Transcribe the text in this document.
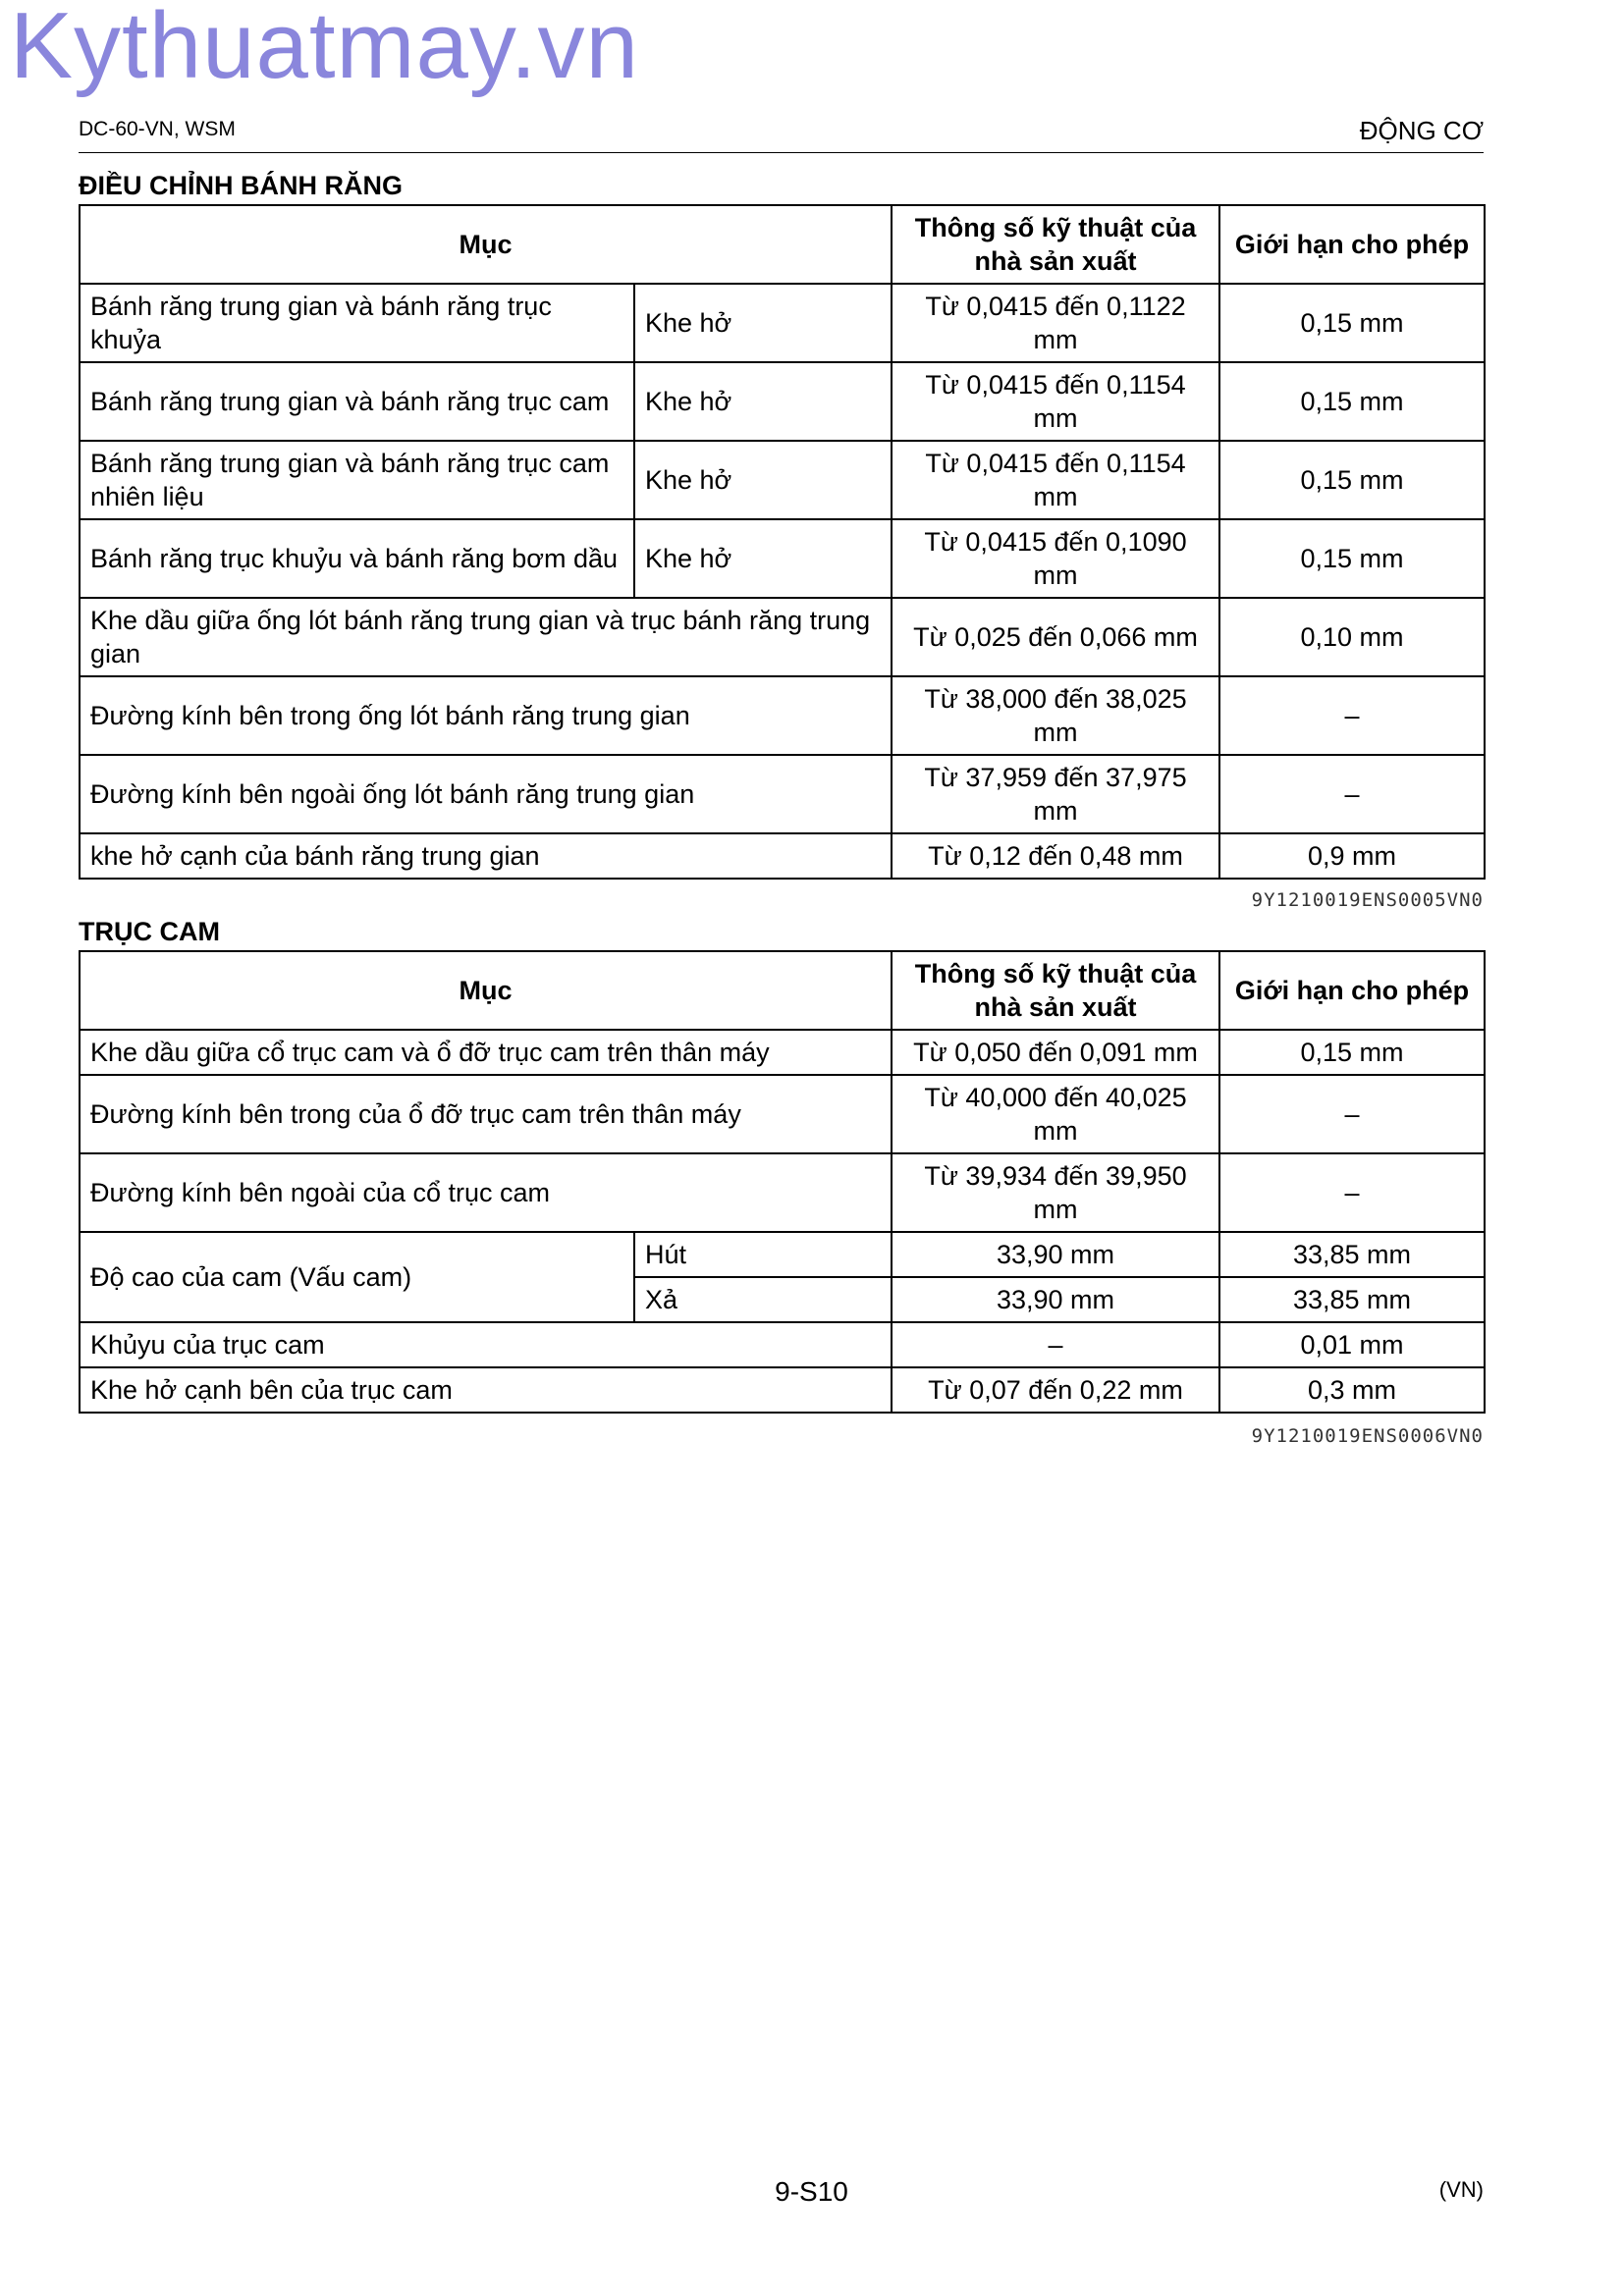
Kythuatmay.vn
DC-60-VN, WSM	ĐỘNG CƠ
ĐIỀU CHỈNH BÁNH RĂNG
Mục		Thông số kỹ thuật của nhà sản xuất	Giới hạn cho phép
Bánh răng trung gian và bánh răng trục khuỷa	Khe hở	Từ 0,0415 đến 0,1122 mm	0,15 mm
Bánh răng trung gian và bánh răng trục cam	Khe hở	Từ 0,0415 đến 0,1154 mm	0,15 mm
Bánh răng trung gian và bánh răng trục cam nhiên liệu	Khe hở	Từ 0,0415 đến 0,1154 mm	0,15 mm
Bánh răng trục khuỷu và bánh răng bơm dầu	Khe hở	Từ 0,0415 đến 0,1090 mm	0,15 mm
Khe dầu giữa ống lót bánh răng trung gian và trục bánh răng trung gian		Từ 0,025 đến 0,066 mm	0,10 mm
Đường kính bên trong ống lót bánh răng trung gian		Từ 38,000 đến 38,025 mm	–
Đường kính bên ngoài ống lót bánh răng trung gian		Từ 37,959 đến 37,975 mm	–
khe hở cạnh của bánh răng trung gian		Từ 0,12 đến 0,48 mm	0,9 mm
9Y1210019ENS0005VN0
TRỤC CAM
Mục		Thông số kỹ thuật của nhà sản xuất	Giới hạn cho phép
Khe dầu giữa cổ trục cam và ổ đỡ trục cam trên thân máy		Từ 0,050 đến 0,091 mm	0,15 mm
Đường kính bên trong của ổ đỡ trục cam trên thân máy		Từ 40,000 đến 40,025 mm	–
Đường kính bên ngoài của cổ trục cam		Từ 39,934 đến 39,950 mm	–
Độ cao của cam (Vấu cam)	Hút	33,90 mm	33,85 mm
	Xả	33,90 mm	33,85 mm
Khủyu của trục cam		–	0,01 mm
Khe hở cạnh bên của trục cam		Từ 0,07 đến 0,22 mm	0,3 mm
9Y1210019ENS0006VN0
9-S10	(VN)
